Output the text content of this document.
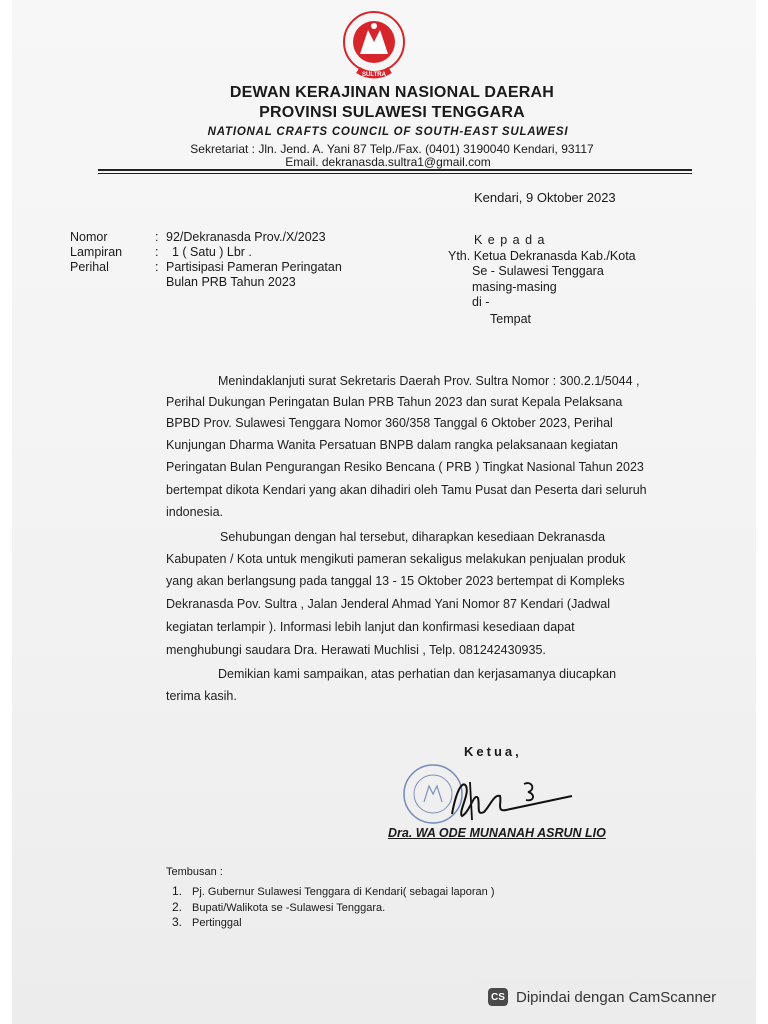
SULTRA
DEWAN KERAJINAN NASIONAL DAERAH
PROVINSI SULAWESI TENGGARA
NATIONAL CRAFTS COUNCIL OF SOUTH-EAST SULAWESI
Sekretariat : Jln. Jend. A. Yani 87 Telp./Fax. (0401) 3190040 Kendari, 93117
Email. dekranasda.sultra1@gmail.com
Kendari, 9 Oktober 2023
Nomor	: 92/Dekranasda Prov./X/2023
Lampiran	: 1 ( Satu ) Lbr .
Perihal	: Partisipasi Pameran Peringatan
Bulan PRB Tahun 2023
K e p a d a
Yth. Ketua Dekranasda Kab./Kota
Se - Sulawesi Tenggara
masing-masing
di -
Tempat
Menindaklanjuti surat Sekretaris Daerah Prov. Sultra Nomor : 300.2.1/5044 ,
Perihal Dukungan Peringatan Bulan PRB Tahun 2023 dan surat Kepala Pelaksana
BPBD Prov. Sulawesi Tenggara Nomor 360/358 Tanggal 6 Oktober 2023, Perihal
Kunjungan Dharma Wanita Persatuan BNPB dalam rangka pelaksanaan kegiatan
Peringatan Bulan Pengurangan Resiko Bencana ( PRB ) Tingkat Nasional Tahun 2023
bertempat dikota Kendari yang akan dihadiri oleh Tamu Pusat dan Peserta dari seluruh
indonesia.
Sehubungan dengan hal tersebut, diharapkan kesediaan Dekranasda
Kabupaten / Kota untuk mengikuti pameran sekaligus melakukan penjualan produk
yang akan berlangsung pada tanggal 13 - 15 Oktober 2023 bertempat di Kompleks
Dekranasda Pov. Sultra , Jalan Jenderal Ahmad Yani Nomor 87 Kendari (Jadwal
kegiatan terlampir ). Informasi lebih lanjut dan konfirmasi kesediaan dapat
menghubungi saudara Dra. Herawati Muchlisi , Telp. 081242430935.
Demikian kami sampaikan, atas perhatian dan kerjasamanya diucapkan
terima kasih.
Ketua,
Dra. WA ODE MUNANAH ASRUN LIO
Tembusan :
1. Pj. Gubernur Sulawesi Tenggara di Kendari( sebagai laporan )
2. Bupati/Walikota se -Sulawesi Tenggara.
3. Pertinggal
CS Dipindai dengan CamScanner
